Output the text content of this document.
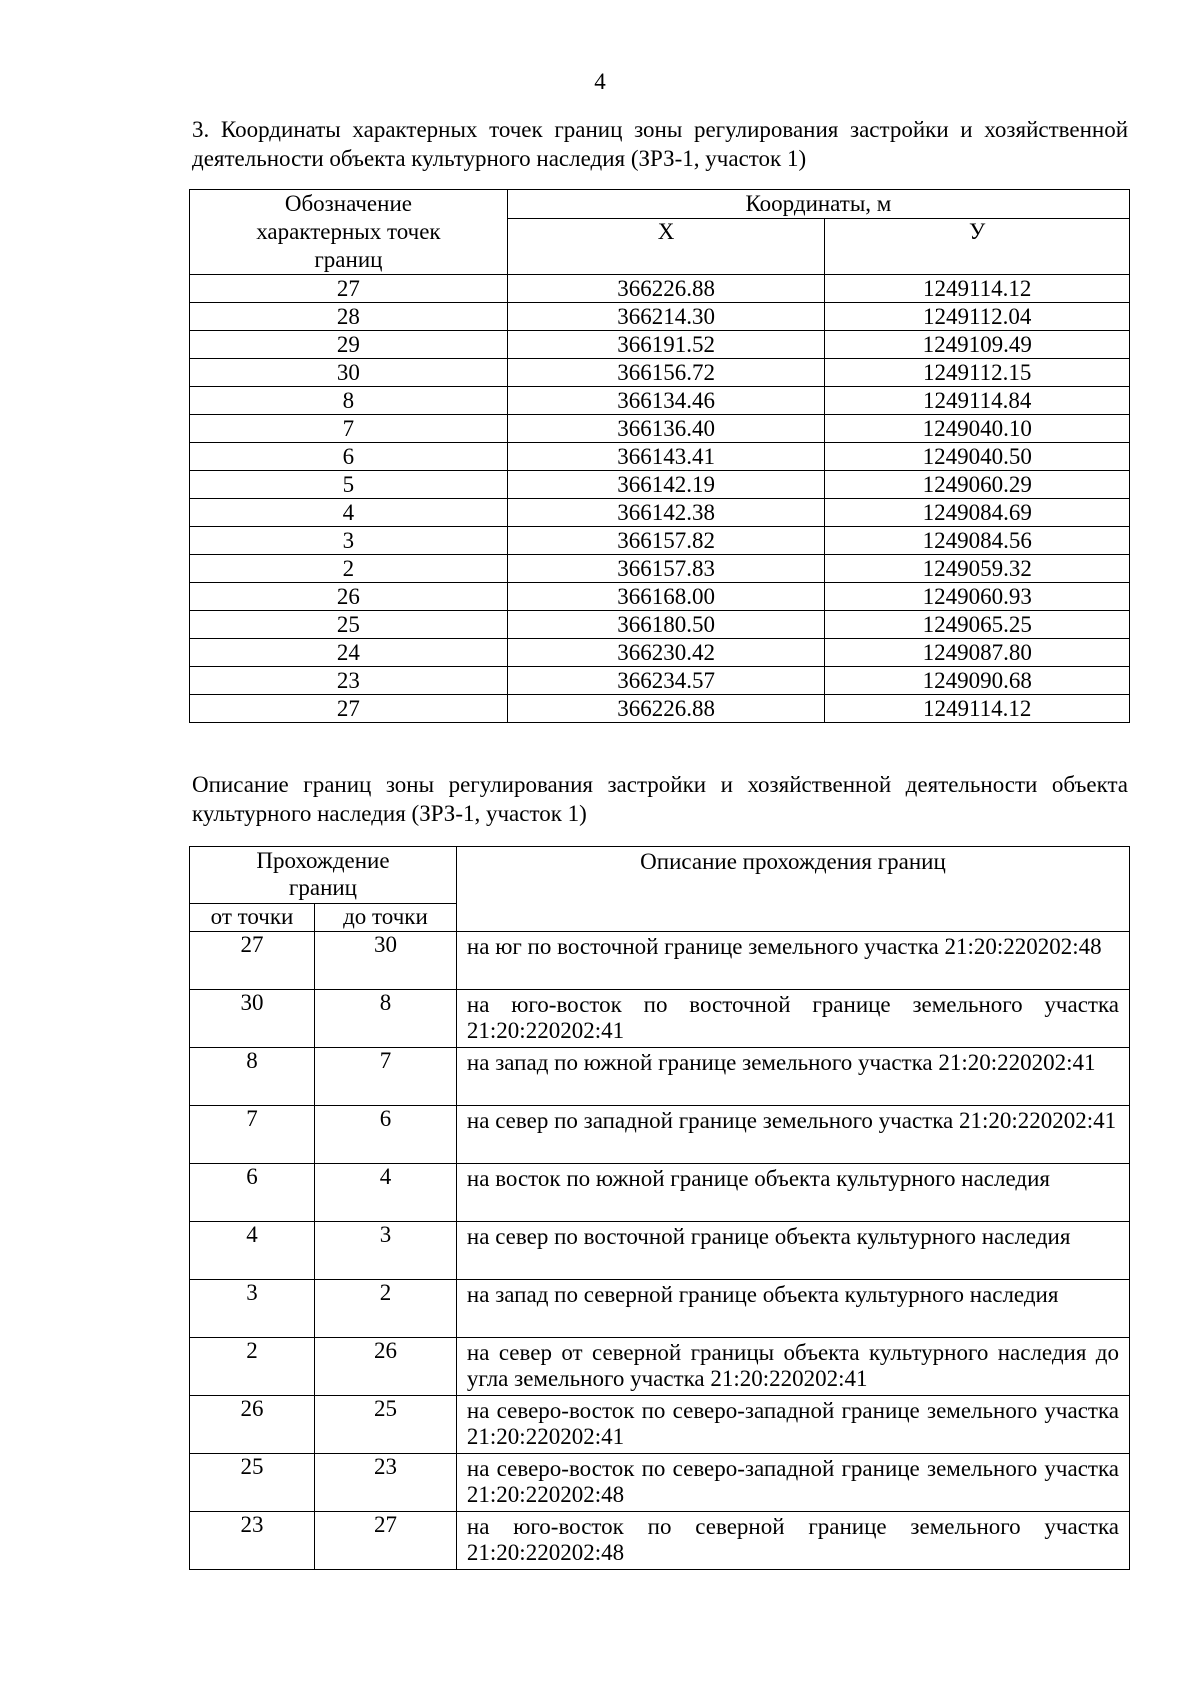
4
3. Координаты характерных точек границ зоны регулирования застройки и хозяйственной деятельности объекта культурного наследия (ЗРЗ-1, участок 1)
Обозначение характерных точек границ	Координаты, м	
	Х	У
27	366226.88	1249114.12
28	366214.30	1249112.04
29	366191.52	1249109.49
30	366156.72	1249112.15
8	366134.46	1249114.84
7	366136.40	1249040.10
6	366143.41	1249040.50
5	366142.19	1249060.29
4	366142.38	1249084.69
3	366157.82	1249084.56
2	366157.83	1249059.32
26	366168.00	1249060.93
25	366180.50	1249065.25
24	366230.42	1249087.80
23	366234.57	1249090.68
27	366226.88	1249114.12
Описание границ зоны регулирования застройки и хозяйственной деятельности объекта культурного наследия (ЗРЗ-1, участок 1)
Прохождение границ		Описание прохождения границ
от точки	до точки	
27	30	на юг по восточной границе земельного участка 21:20:220202:48
30	8	на юго-восток по восточной границе земельного участка 21:20:220202:41
8	7	на запад по южной границе земельного участка 21:20:220202:41
7	6	на север по западной границе земельного участка 21:20:220202:41
6	4	на восток по южной границе объекта культурного наследия
4	3	на север по восточной границе объекта культурного наследия
3	2	на запад по северной границе объекта культурного наследия
2	26	на север от северной границы объекта культурного наследия до угла земельного участка 21:20:220202:41
26	25	на северо-восток по северо-западной границе земельного участка 21:20:220202:41
25	23	на северо-восток по северо-западной границе земельного участка 21:20:220202:48
23	27	на юго-восток по северной границе земельного участка 21:20:220202:48
